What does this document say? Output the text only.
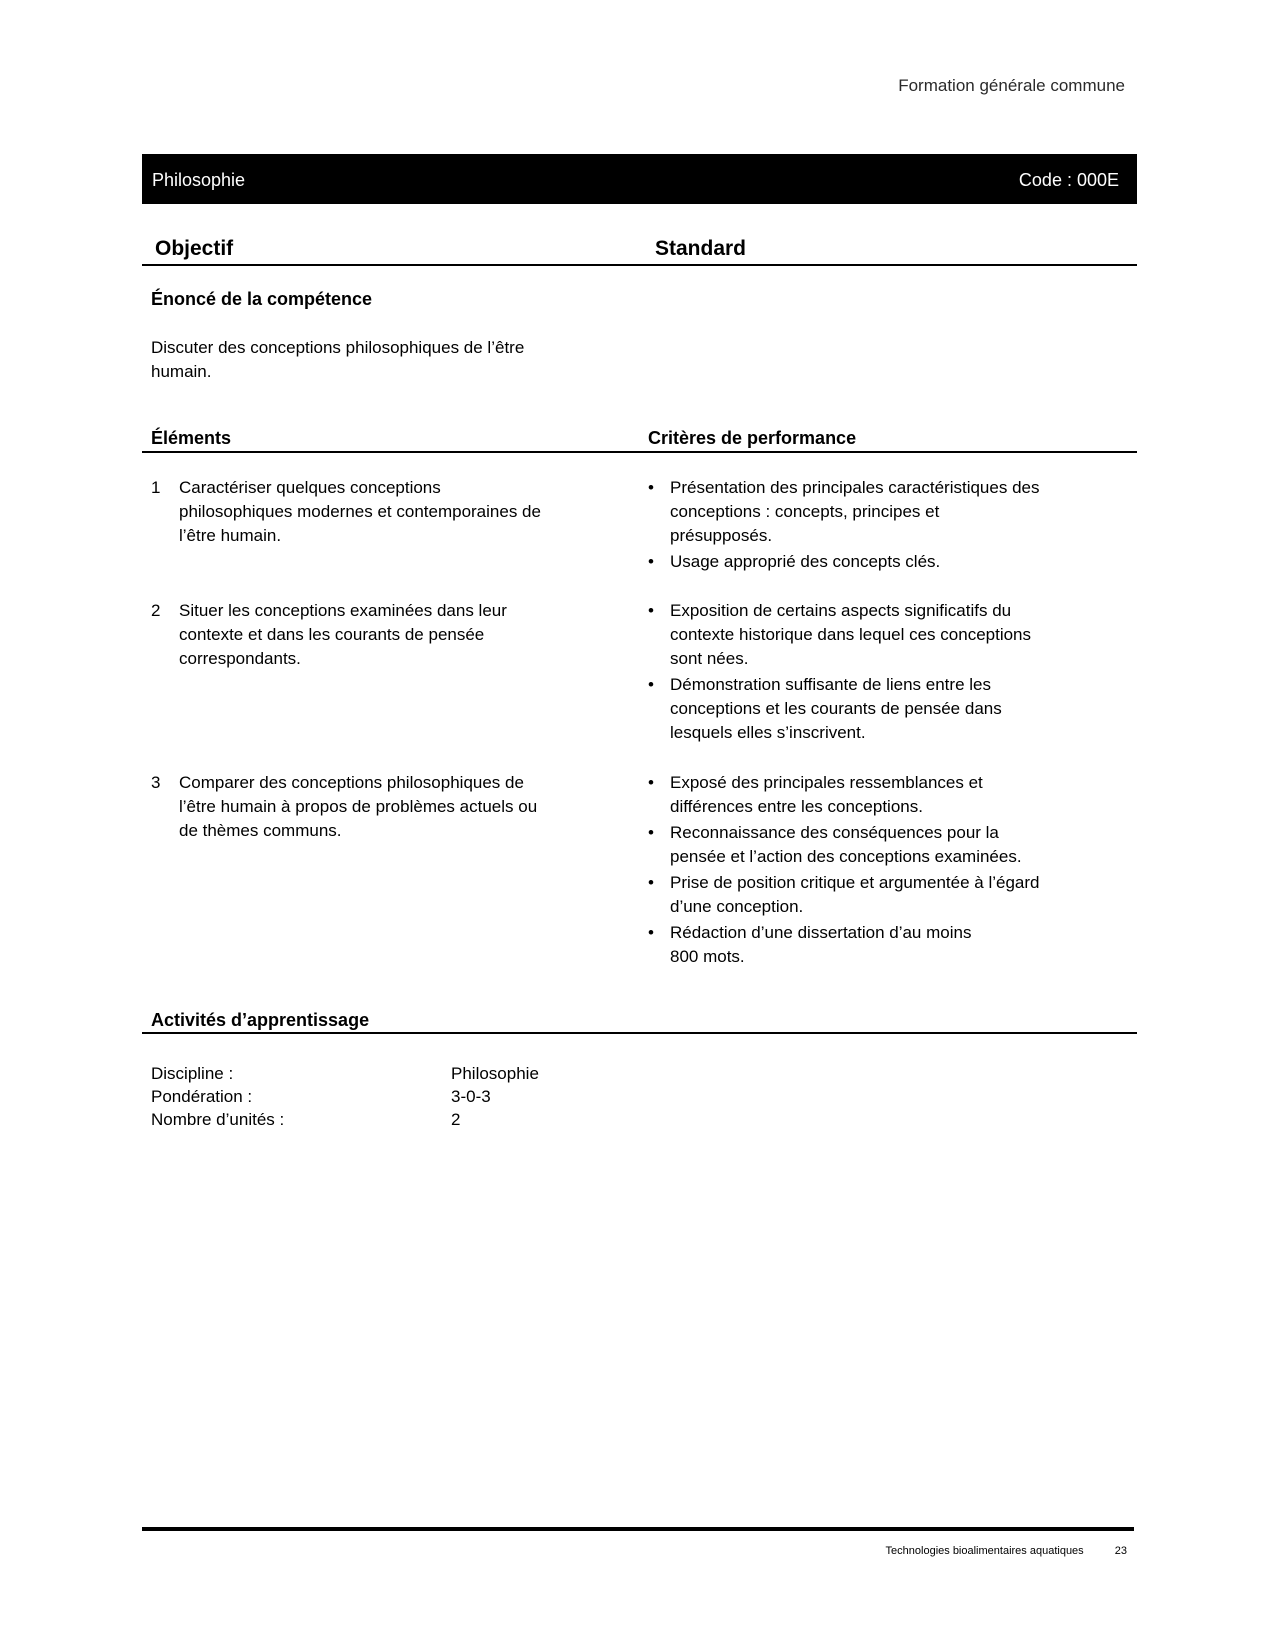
Formation générale commune
Philosophie	Code : 000E
Objectif	Standard
Énoncé de la compétence
Discuter des conceptions philosophiques de l’être
humain.
Éléments	Critères de performance
1 Caractériser quelques conceptions
philosophiques modernes et contemporaines de
l’être humain.
• Présentation des principales caractéristiques des
conceptions : concepts, principes et
présupposés.
• Usage approprié des concepts clés.
2 Situer les conceptions examinées dans leur
contexte et dans les courants de pensée
correspondants.
• Exposition de certains aspects significatifs du
contexte historique dans lequel ces conceptions
sont nées.
• Démonstration suffisante de liens entre les
conceptions et les courants de pensée dans
lesquels elles s’inscrivent.
3 Comparer des conceptions philosophiques de
l’être humain à propos de problèmes actuels ou
de thèmes communs.
• Exposé des principales ressemblances et
différences entre les conceptions.
• Reconnaissance des conséquences pour la
pensée et l’action des conceptions examinées.
• Prise de position critique et argumentée à l’égard
d’une conception.
• Rédaction d’une dissertation d’au moins
800 mots.
Activités d’apprentissage
Discipline :	Philosophie
Pondération :	3-0-3
Nombre d’unités :	2
Technologies bioalimentaires aquatiques	23
